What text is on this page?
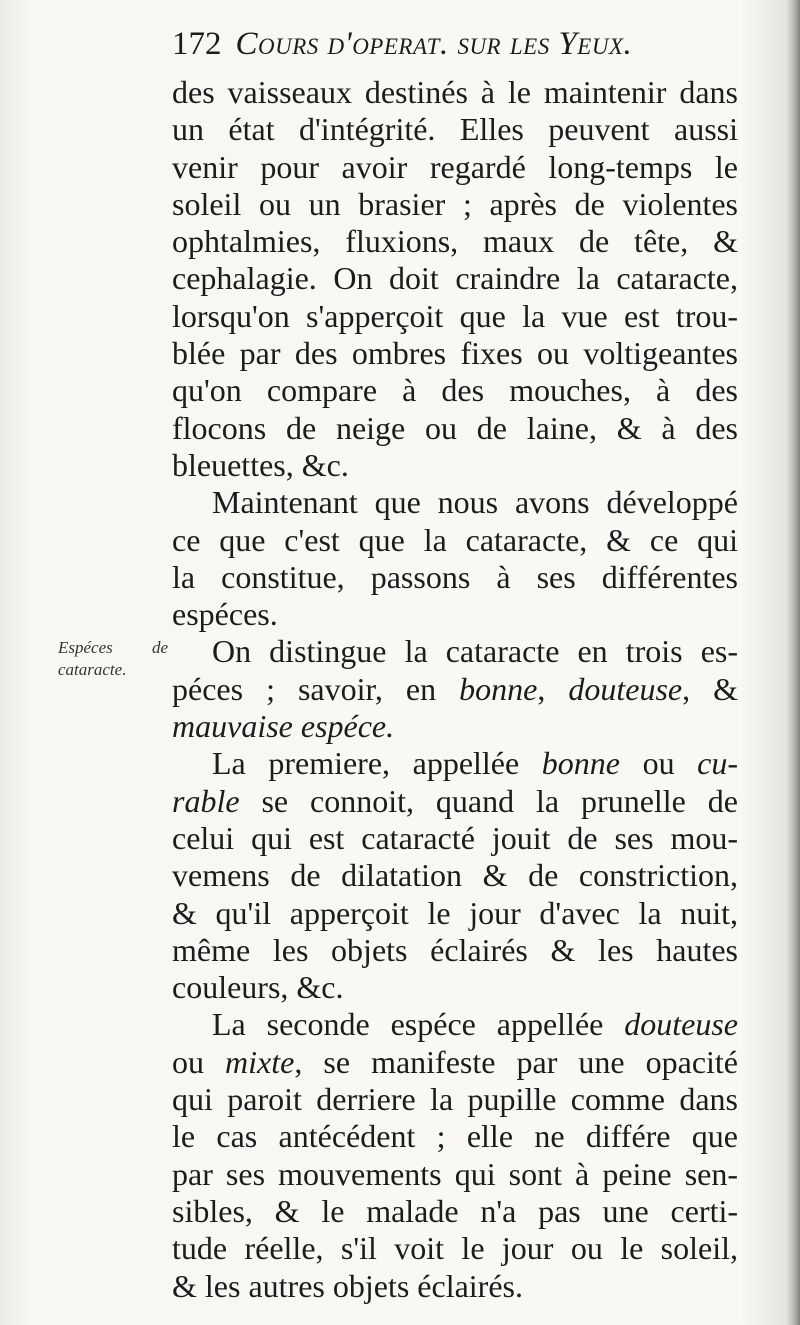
172 Cours d'operat. sur les Yeux.
Espéces de
cataracte.
des vaisseaux destinés à le maintenir dans
un état d'intégrité. Elles peuvent aussi
venir pour avoir regardé long-temps le
soleil ou un brasier ; après de violentes
ophtalmies, fluxions, maux de tête, &
cephalagie. On doit craindre la cataracte,
lorsqu'on s'apperçoit que la vue est trou-
blée par des ombres fixes ou voltigeantes
qu'on compare à des mouches, à des
flocons de neige ou de laine, & à des
bleuettes, &c.
Maintenant que nous avons développé
ce que c'est que la cataracte, & ce qui
la constitue, passons à ses différentes
espéces.
On distingue la cataracte en trois es-
péces ; savoir, en bonne, douteuse, &
mauvaise espéce.
La premiere, appellée bonne ou cu-
rable se connoit, quand la prunelle de
celui qui est cataracté jouit de ses mou-
vemens de dilatation & de constriction,
& qu'il apperçoit le jour d'avec la nuit,
même les objets éclairés & les hautes
couleurs, &c.
La seconde espéce appellée douteuse
ou mixte, se manifeste par une opacité
qui paroit derriere la pupille comme dans
le cas antécédent ; elle ne différe que
par ses mouvements qui sont à peine sen-
sibles, & le malade n'a pas une certi-
tude réelle, s'il voit le jour ou le soleil,
& les autres objets éclairés.
